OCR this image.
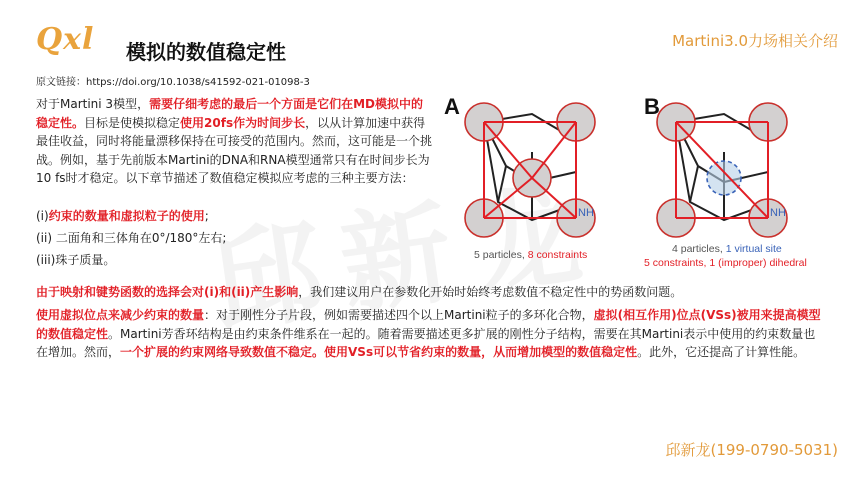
Qxl	模拟的数值稳定性	Martini3.0力场相关介绍
原文链接：https://doi.org/10.1038/s41592-021-01098-3
对于Martini 3模型，需要仔细考虑的最后一个方面是它们在MD模拟中的稳定性。目标是使模拟稳定使用20fs作为时间步长，以从计算加速中获得最佳收益，同时将能量漂移保持在可接受的范围内。然而，这可能是一个挑战。例如，基于先前版本Martini的DNA和RNA模型通常只有在时间步长为10 fs时才稳定。以下章节描述了数值稳定模拟应考虑的三种主要方法：
(i)约束的数量和虚拟粒子的使用;
(ii) 二面角和三体角在0°/180°左右;
(iii)珠子质量。
A
NH
5 particles, 8 constraints
B
NH
4 particles, 1 virtual site
5 constraints, 1 (improper) dihedral
由于映射和键势函数的选择会对(i)和(ii)产生影响，我们建议用户在参数化开始时始终考虑数值不稳定性中的势函数问题。
使用虚拟位点来减少约束的数量：对于刚性分子片段，例如需要描述四个以上Martini粒子的多环化合物，虚拟(相互作用)位点(VSs)被用来提高模型的数值稳定性。Martini芳香环结构是由约束条件维系在一起的。随着需要描述更多扩展的刚性分子结构，需要在其Martini表示中使用的约束数量也在增加。然而，一个扩展的约束网络导致数值不稳定。使用VSs可以节省约束的数量，从而增加模型的数值稳定性。此外，它还提高了计算性能。
邱新龙(199-0790-5031)
